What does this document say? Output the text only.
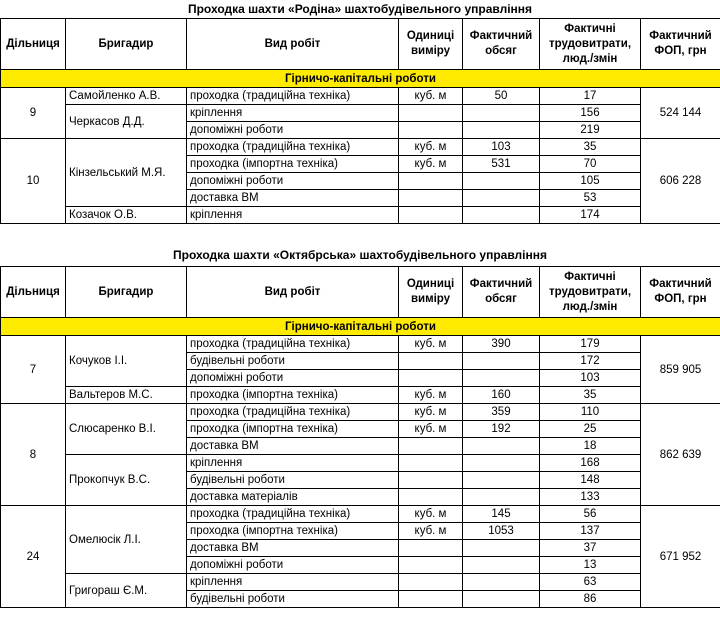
Проходка шахти «Родіна» шахтобудівельного управління
Дільниця	Бригадир	Вид робіт	Одиниці виміру	Фактичний обсяг	Фактичні трудовитрати, люд./змін	Фактичний ФОП, грн
Гірничо-капітальні роботи						
9	Самойленко А.В.	проходка (традиційна техніка)	куб. м	50	17	524 144
	Черкасов Д.Д.	кріплення			156	
		допоміжні роботи			219	
10	Кінзельський М.Я.	проходка (традиційна техніка)	куб. м	103	35	606 228
		проходка (імпортна техніка)	куб. м	531	70	
		допоміжні роботи			105	
		доставка ВМ			53	
	Козачок О.В.	кріплення			174	
Проходка шахти «Октябрська» шахтобудівельного управління
Дільниця	Бригадир	Вид робіт	Одиниці виміру	Фактичний обсяг	Фактичні трудовитрати, люд./змін	Фактичний ФОП, грн
Гірничо-капітальні роботи						
7	Кочуков І.І.	проходка (традиційна техніка)	куб. м	390	179	859 905
		будівельні роботи			172	
		допоміжні роботи			103	
	Вальтеров М.С.	проходка (імпортна техніка)	куб. м	160	35	
8	Слюсаренко В.І.	проходка (традиційна техніка)	куб. м	359	110	862 639
		проходка (імпортна техніка)	куб. м	192	25	
		доставка ВМ			18	
	Прокопчук В.С.	кріплення			168	
		будівельні роботи			148	
		доставка матеріалів			133	
24	Омелюсік Л.І.	проходка (традиційна техніка)	куб. м	145	56	671 952
		проходка (імпортна техніка)	куб. м	1053	137	
		доставка ВМ			37	
		допоміжні роботи			13	
	Григораш Є.М.	кріплення			63	
		будівельні роботи			86	
